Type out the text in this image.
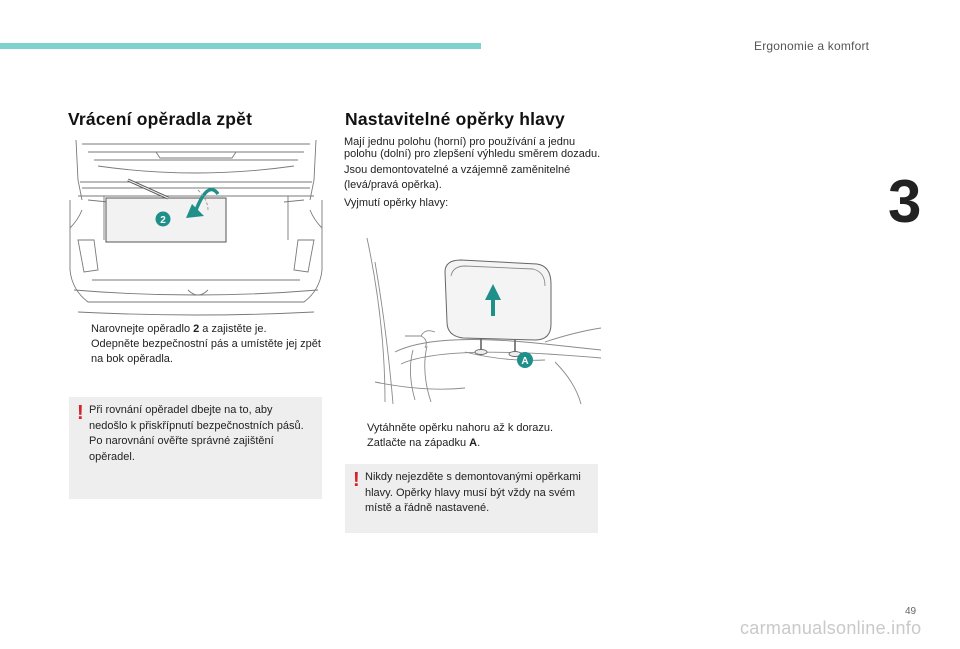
Ergonomie a komfort
3
Vrácení opěradla zpět	Nastavitelné opěrky hlavy
2
Narovnejte opěradlo 2 a zajistěte je.
Odepněte bezpečnostní pás a umístěte jej zpět na bok opěradla.
! Při rovnání opěradel dbejte na to, aby nedošlo k přiskřípnutí bezpečnostních pásů.

Po narovnání ověřte správné zajištění opěradel.

Mají jednu polohu (horní) pro používání a jednu polohu (dolní) pro zlepšení výhledu směrem dozadu.

Jsou demontovatelné a vzájemně zaměnitelné (levá/pravá opěrka).

Vyjmutí opěrky hlavy:

A
Vytáhněte opěrku nahoru až k dorazu.
Zatlačte na západku A.
! Nikdy nejezděte s demontovanými opěrkami hlavy. Opěrky hlavy musí být vždy na svém místě a řádně nastavené.

49
carmanualsonline.info
